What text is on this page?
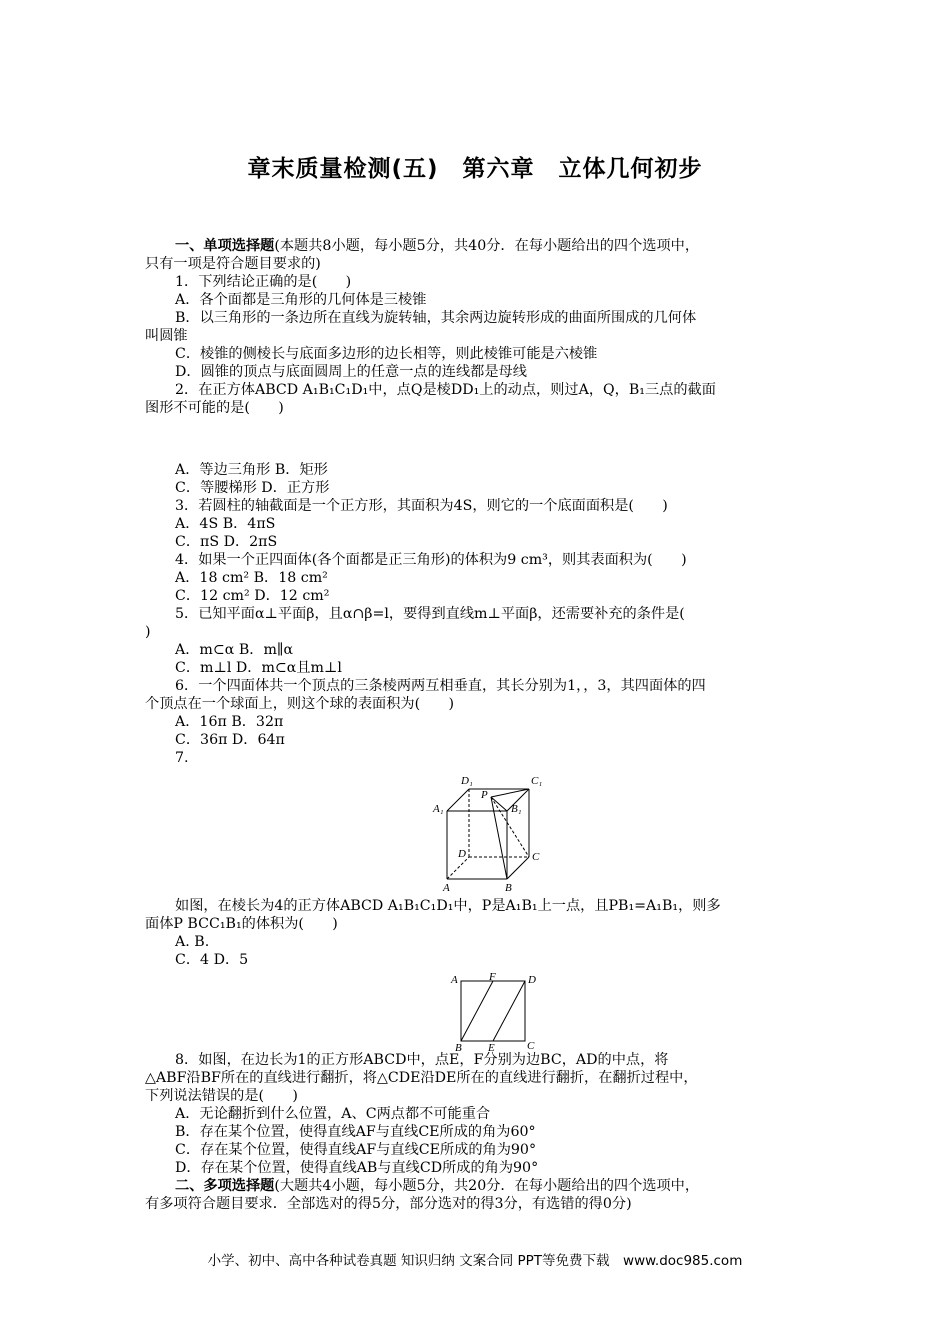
章末质量检测(五)　第六章　立体几何初步

一、单项选择题(本题共8小题，每小题5分，共40分．在每小题给出的四个选项中，

只有一项是符合题目要求的)

1．下列结论正确的是(　　)

A．各个面都是三角形的几何体是三棱锥

B．以三角形的一条边所在直线为旋转轴，其余两边旋转形成的曲面所围成的几何体

叫圆锥

C．棱锥的侧棱长与底面多边形的边长相等，则此棱锥可能是六棱锥

D．圆锥的顶点与底面圆周上的任意一点的连线都是母线

2．在正方体ABCD A₁B₁C₁D₁中，点Q是棱DD₁上的动点，则过A，Q，B₁三点的截面

图形不可能的是(　　)

A．等边三角形 B．矩形

C．等腰梯形 D．正方形

3．若圆柱的轴截面是一个正方形，其面积为4S，则它的一个底面面积是(　　)

A．4S B．4πS

C．πS D．2πS

4．如果一个正四面体(各个面都是正三角形)的体积为9 cm³，则其表面积为(　　)

A．18 cm² B．18 cm²

C．12 cm² D．12 cm²

5．已知平面α⊥平面β，且α∩β=l，要得到直线m⊥平面β，还需要补充的条件是(

)

A．m⊂α B．m∥α

C．m⊥l D．m⊂α且m⊥l

6．一个四面体共一个顶点的三条棱两两互相垂直，其长分别为1，，3，其四面体的四

个顶点在一个球面上，则这个球的表面积为(　　)

A．16π B．32π

C．36π D．64π

7.

D₁	C₁
A₁
P
B₁
D	C
A	B

如图，在棱长为4的正方体ABCD A₁B₁C₁D₁中，P是A₁B₁上一点，且PB₁=A₁B₁，则多

面体P BCC₁B₁的体积为(　　)

A. B.

C．4 D．5

A	F	D
B E	C

8．如图，在边长为1的正方形ABCD中，点E，F分别为边BC，AD的中点，将

△ABF沿BF所在的直线进行翻折，将△CDE沿DE所在的直线进行翻折，在翻折过程中，

下列说法错误的是(　　)

A．无论翻折到什么位置，A、C两点都不可能重合

B．存在某个位置，使得直线AF与直线CE所成的角为60°

C．存在某个位置，使得直线AF与直线CE所成的角为90°

D．存在某个位置，使得直线AB与直线CD所成的角为90°

二、多项选择题(大题共4小题，每小题5分，共20分．在每小题给出的四个选项中，

有多项符合题目要求．全部选对的得5分，部分选对的得3分，有选错的得0分)

小学、初中、高中各种试卷真题 知识归纳 文案合同 PPT等免费下载　www.doc985.com
